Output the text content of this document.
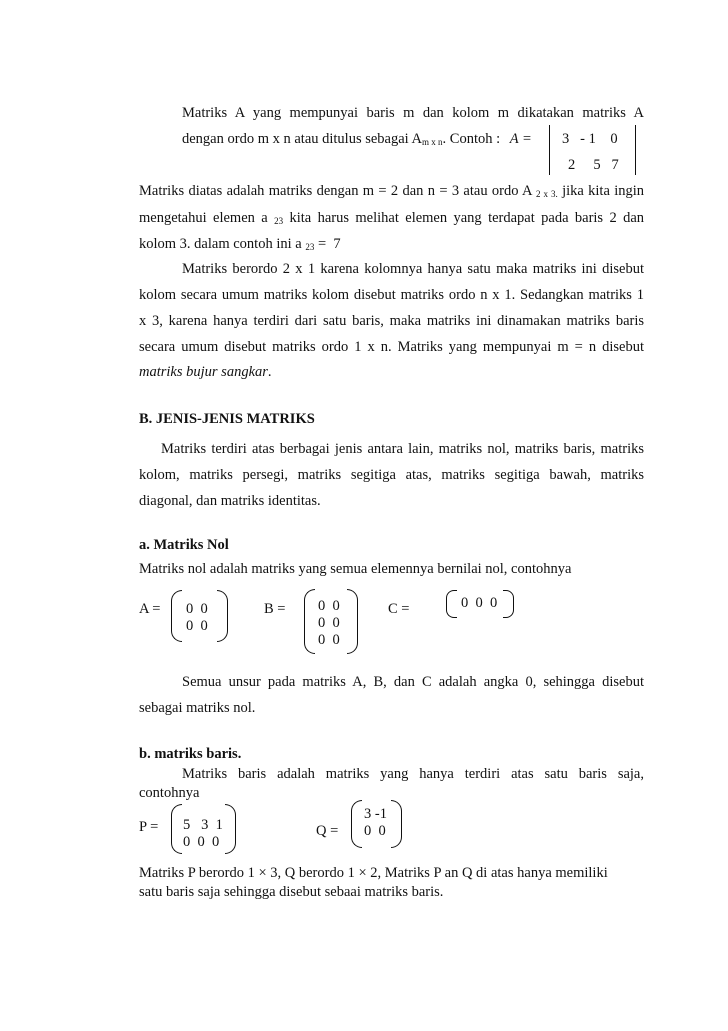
Matriks A yang mempunyai baris m dan kolom m dikatakan matriks A
dengan ordo m x n atau ditulus sebagai $A_{m x n}$. Contoh : A = 3   - 1    0
2     5   7
Matriks diatas adalah matriks dengan m = 2 dan n = 3 atau ordo A $_{2 x 3.}$ jika kita ingin
mengetahui elemen a $_{23}$ kita harus melihat elemen yang terdapat pada baris 2 dan
kolom 3. dalam contoh ini a $_{23}$ =  7
Matriks berordo 2 x 1 karena kolomnya hanya satu maka matriks ini disebut
kolom secara umum matriks kolom disebut matriks ordo n x 1. Sedangkan matriks 1
x 3, karena hanya terdiri dari satu baris, maka matriks ini dinamakan matriks baris
secara umum disebut matriks ordo 1 x n. Matriks yang mempunyai m = n disebut
matriks bujur sangkar.
B. JENIS-JENIS MATRIKS
Matriks terdiri atas berbagai jenis antara lain, matriks nol, matriks baris, matriks
kolom, matriks persegi, matriks segitiga atas, matriks segitiga bawah, matriks
diagonal, dan matriks identitas.
a. Matriks Nol
Matriks nol adalah matriks yang semua elemennya bernilai nol, contohnya
A = 0  0
0  0
B = 0  0
0  0
0  0
C =	0  0  0
Semua unsur pada matriks A, B, dan C adalah angka 0, sehingga disebut
sebagai matriks nol.
b. matriks baris.
Matriks baris adalah matriks yang hanya terdiri atas satu baris saja,
contohnya
P = 5   3  1
0  0  0
Q =
3 -1
0  0
Matriks P berordo 1 × 3, Q berordo 1 × 2, Matriks P an Q di atas hanya memiliki
satu baris saja sehingga disebut sebaai matriks baris.
